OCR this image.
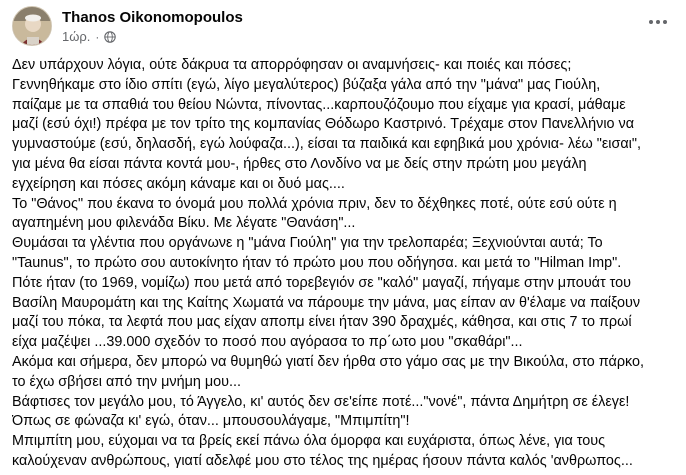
Thanos Oikonomopoulos
1ώρ. ·
Δεν υπάρχουν λόγια, ούτε δάκρυα τα απορρόφησαν οι αναμνήσεις- και ποιές και πόσες;
Γεννηθήκαμε στο ίδιο σπίτι (εγώ, λίγο μεγαλύτερος) βύζαξα γάλα από την "μάνα" μας Γιούλη,
παίζαμε με τα σπαθιά του θείου Νώντα, πίνοντας...καρπουζόζουμο που είχαμε για κρασί, μάθαμε
μαζί (εσύ όχι!) πρέφα με τον τρίτο της κομπανίας Θόδωρο Καστρινό. Τρέχαμε στον Πανελλήνιο να
γυμναστούμε (εσύ, δηλασδή, εγώ λούφαζα...), είσαι τα παιδικά και εφηβικά μου χρόνια- λέω "εισαι",
για μένα θα είσαι πάντα κοντά μου-, ήρθες στο Λονδίνο να με δείς στην πρώτη μου μεγάλη
εγχείρηση και πόσες ακόμη κάναμε και οι δυό μας....
Το "Θάνος" που έκανα το όνομά μου πολλά χρόνια πριν, δεν το δέχθηκες ποτέ, ούτε εσύ ούτε η
αγαπημένη μου φιλενάδα Βίκυ. Με λέγατε "Θανάση"...
Θυμάσαι τα γλέντια που οργάνωνε η "μάνα Γιούλη" για την τρελοπαρέα; Ξεχνιούνται αυτά; Το
"Taunus", το πρώτο σου αυτοκίνητο ήταν τό πρώτο μου που οδήγησα. και μετά το "Hilman Imp".
Πότε ήταν (το 1969, νομίζω) που μετά από τορεβεγιόν σε "καλό" μαγαζί, πήγαμε στην μπουάτ του
Βασίλη Μαυρομάτη και της Καίτης Χωματά να πάρουμε την μάνα, μας είπαν αν θ'έλαμε να παίξουν
μαζί του πόκα, τα λεφτά που μας είχαν αποπμ είνει ήταν 390 δραχμές, κάθησα, και στις 7 το πρωί
είχα μαζέψει ...39.000 σχεδόν το ποσό που αγόρασα το πρ΄ωτο μου "σκαθάρι"...
Ακόμα και σήμερα, δεν μπορώ να θυμηθώ γιατί δεν ήρθα στο γάμο σας με την Βικούλα, στο πάρκο,
το έχω σβήσει από την μνήμη μου...
Βάφτισες τον μεγάλο μου, τό Άγγελο, κι' αυτός δεν σε'είπε ποτέ..."νονέ", πάντα Δημήτρη σε έλεγε!
Όπως σε φώναζα κι' εγώ, όταν... μπουσουλάγαμε, "Μπιμπίτη"!
Μπιμπίτη μου, εύχομαι να τα βρείς εκεί πάνω όλα όμορφα και ευχάριστα, όπως λένε, για τους
καλούχεναν ανθρώπους, γιατί αδελφέ μου στο τέλος της ημέρας ήσουν πάντα καλός 'ανθρωπος...
